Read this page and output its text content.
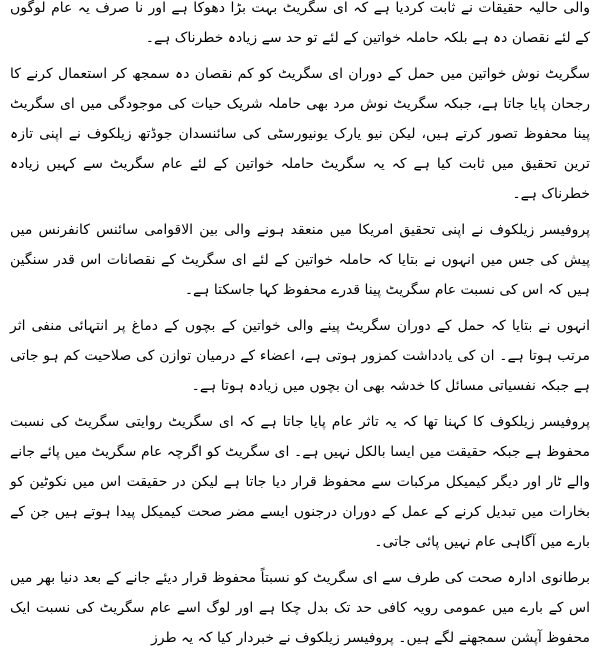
والی حالیہ حقیقات نے ثابت کردیا ہے کہ ای سگریٹ بہت بڑا دھوکا ہے اور نا صرف یہ عام لوگوں کے لئے نقصان دہ ہے بلکہ حاملہ خواتین کے لئے تو حد سے زیادہ خطرناک ہے۔

سگریٹ نوش خواتین میں حمل کے دوران ای سگریٹ کو کم نقصان دہ سمجھ کر استعمال کرنے کا رجحان پایا جاتا ہے، جبکہ سگریٹ نوش مرد بھی حاملہ شریک حیات کی موجودگی میں ای سگریٹ پینا محفوظ تصور کرتے ہیں، لیکن نیو یارک یونیورسٹی کی سائنسدان جوڈتھ زیلکوف نے اپنی تازہ ترین تحقیق میں ثابت کیا ہے کہ یہ سگریٹ حاملہ خواتین کے لئے عام سگریٹ سے کہیں زیادہ خطرناک ہے۔

پروفیسر زیلکوف نے اپنی تحقیق امریکا میں منعقد ہونے والی بین الاقوامی سائنس کانفرنس میں پیش کی جس میں انہوں نے بتایا کہ حاملہ خواتین کے لئے ای سگریٹ کے نقصانات اس قدر سنگین ہیں کہ اس کی نسبت عام سگریٹ پینا قدرے محفوظ کہا جاسکتا ہے۔

انہوں نے بتایا کہ حمل کے دوران سگریٹ پینے والی خواتین کے بچوں کے دماغ پر انتہائی منفی اثر مرتب ہوتا ہے۔ ان کی یادداشت کمزور ہوتی ہے، اعضاء کے درمیان توازن کی صلاحیت کم ہو جاتی ہے جبکہ نفسیاتی مسائل کا خدشہ بھی ان بچوں میں زیادہ ہوتا ہے۔

پروفیسر زیلکوف کا کہنا تھا کہ یہ تاثر عام پایا جاتا ہے کہ ای سگریٹ روایتی سگریٹ کی نسبت محفوظ ہے جبکہ حقیقت میں ایسا بالکل نہیں ہے۔ ای سگریٹ کو اگرچہ عام سگریٹ میں پائے جانے والے ٹار اور دیگر کیمیکل مرکبات سے محفوظ قرار دیا جاتا ہے لیکن در حقیقت اس میں نکوٹین کو بخارات میں تبدیل کرنے کے عمل کے دوران درجنوں ایسے مضر صحت کیمیکل پیدا ہوتے ہیں جن کے بارے میں آگاہی عام نہیں پائی جاتی۔

برطانوی ادارہ صحت کی طرف سے ای سگریٹ کو نسبتاً محفوظ قرار دیئے جانے کے بعد دنیا بھر میں اس کے بارے میں عمومی رویہ کافی حد تک بدل چکا ہے اور لوگ اسے عام سگریٹ کی نسبت ایک محفوظ آپشن سمجھنے لگے ہیں۔ پروفیسر زیلکوف نے خبردار کیا کہ یہ طرز
